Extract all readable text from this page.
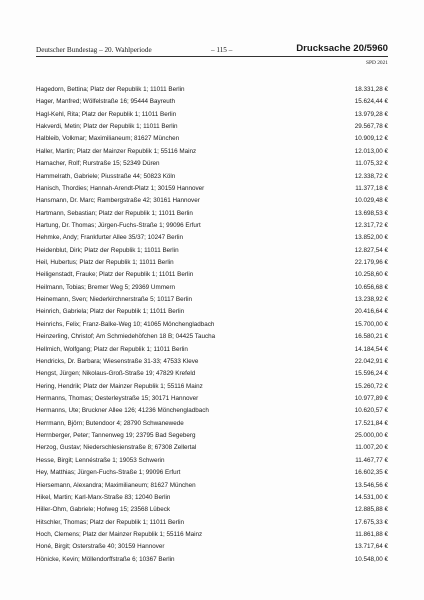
Deutscher Bundestag – 20. Wahlperiode	– 115 –	Drucksache 20/5960
SPD 2021
Hagedorn, Bettina; Platz der Republik 1; 11011 Berlin	18.331,28 €
Hager, Manfred; Wölfelstraße 16; 95444 Bayreuth	15.624,44 €
Hagl-Kehl, Rita; Platz der Republik 1; 11011 Berlin	13.979,28 €
Hakverdi, Metin; Platz der Republik 1; 11011 Berlin	29.567,78 €
Halbleib, Volkmar; Maximilianeum; 81627 München	10.909,12 €
Haller, Martin; Platz der Mainzer Republik 1; 55116 Mainz	12.013,00 €
Hamacher, Rolf; Rurstraße 15; 52349 Düren	11.075,32 €
Hammelrath, Gabriele; Piusstraße 44; 50823 Köln	12.338,72 €
Hanisch, Thordies; Hannah-Arendt-Platz 1; 30159 Hannover	11.377,18 €
Hansmann, Dr. Marc; Rambergstraße 42; 30161 Hannover	10.029,48 €
Hartmann, Sebastian; Platz der Republik 1; 11011 Berlin	13.698,53 €
Hartung, Dr. Thomas; Jürgen-Fuchs-Straße 1; 99096 Erfurt	12.317,72 €
Hehmke, Andy; Frankfurter Allee 35/37; 10247 Berlin	13.852,00 €
Heidenblut, Dirk; Platz der Republik 1; 11011 Berlin	12.827,54 €
Heil, Hubertus; Platz der Republik 1; 11011 Berlin	22.179,96 €
Heiligenstadt, Frauke; Platz der Republik 1; 11011 Berlin	10.258,60 €
Heilmann, Tobias; Bremer Weg 5; 29369 Ummern	10.656,68 €
Heinemann, Sven; Niederkirchnerstraße 5; 10117 Berlin	13.238,92 €
Heinrich, Gabriela; Platz der Republik 1; 11011 Berlin	20.416,64 €
Heinrichs, Felix; Franz-Balke-Weg 10; 41065 Mönchengladbach	15.700,00 €
Heinzerling, Christof; Am Schmiedehöfchen 18 B; 04425 Taucha	16.580,21 €
Hellmich, Wolfgang; Platz der Republik 1; 11011 Berlin	14.184,54 €
Hendricks, Dr. Barbara; Wiesenstraße 31-33; 47533 Kleve	22.042,91 €
Hengst, Jürgen; Nikolaus-Groß-Straße 19; 47829 Krefeld	15.596,24 €
Hering, Hendrik; Platz der Mainzer Republik 1; 55116 Mainz	15.260,72 €
Hermanns, Thomas; Oesterleystraße 15; 30171 Hannover	10.977,89 €
Hermanns, Ute; Bruckner Allee 126; 41236 Mönchengladbach	10.620,57 €
Herrmann, Björn; Butendoor 4; 28790 Schwanewede	17.521,84 €
Herrnberger, Peter; Tannenweg 19; 23795 Bad Segeberg	25.000,00 €
Herzog, Gustav; Niederschlesienstraße 8; 67308 Zellertal	11.007,20 €
Hesse, Birgit; Lennéstraße 1; 19053 Schwerin	11.467,77 €
Hey, Matthias; Jürgen-Fuchs-Straße 1; 99096 Erfurt	16.602,35 €
Hiersemann, Alexandra; Maximilianeum; 81627 München	13.546,56 €
Hikel, Martin; Karl-Marx-Straße 83; 12040 Berlin	14.531,00 €
Hiller-Ohm, Gabriele; Hofweg 15; 23568 Lübeck	12.885,88 €
Hitschler, Thomas; Platz der Republik 1; 11011 Berlin	17.675,33 €
Hoch, Clemens; Platz der Mainzer Republik 1; 55116 Mainz	11.861,88 €
Honé, Birgit; Osterstraße 40; 30159 Hannover	13.717,64 €
Hönicke, Kevin; Möllendorffstraße 6; 10367 Berlin	10.548,00 €
